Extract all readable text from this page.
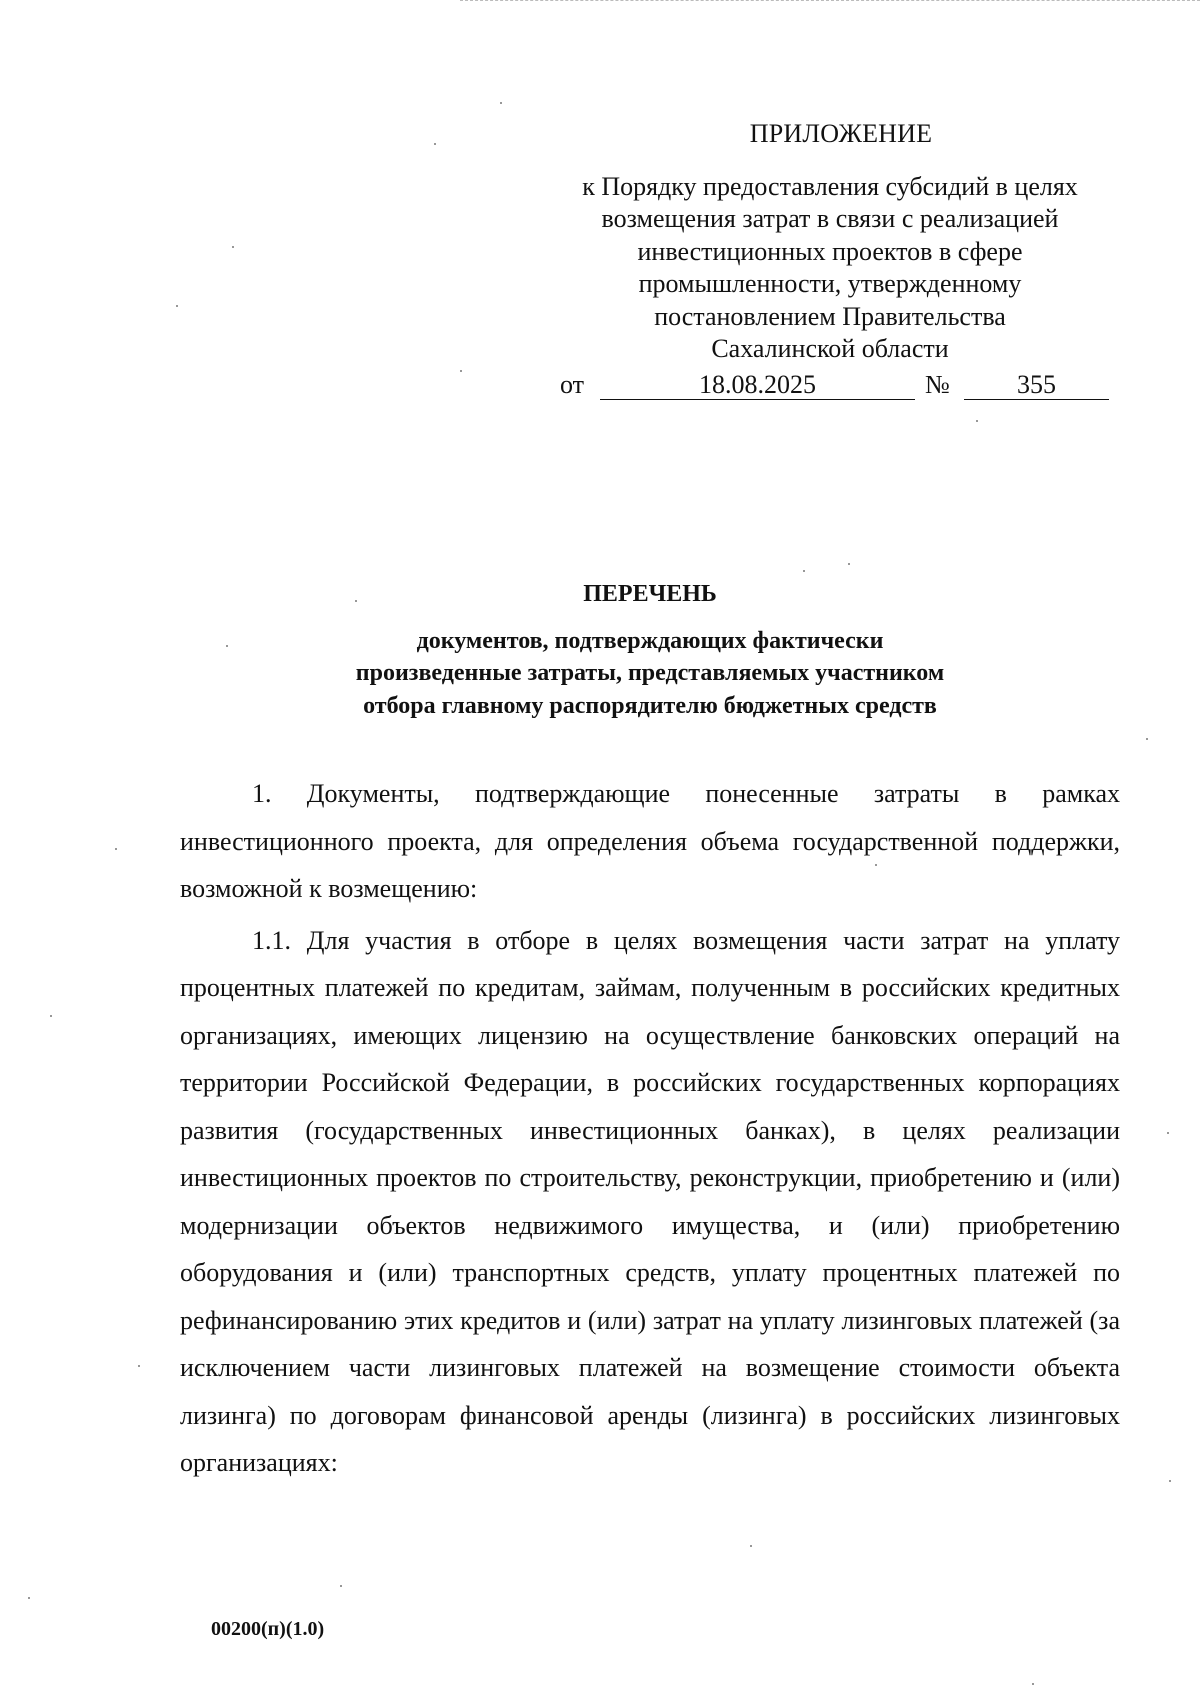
ПРИЛОЖЕНИЕ
к Порядку предоставления субсидий в целях
возмещения затрат в связи с реализацией
инвестиционных проектов в сфере
промышленности, утвержденному
постановлением Правительства
Сахалинской области
от	18.08.2025	№	355
ПЕРЕЧЕНЬ
документов, подтверждающих фактически
произведенные затраты, представляемых участником
отбора главному распорядителю бюджетных средств

1. Документы, подтверждающие понесенные затраты в рамках инвестиционного проекта, для определения объема государственной поддержки, возможной к возмещению:

1.1. Для участия в отборе в целях возмещения части затрат на уплату процентных платежей по кредитам, займам, полученным в российских кредитных организациях, имеющих лицензию на осуществление банковских операций на территории Российской Федерации, в российских государственных корпорациях развития (государственных инвестиционных банках), в целях реализации инвестиционных проектов по строительству, реконструкции, приобретению и (или) модернизации объектов недвижимого имущества, и (или) приобретению оборудования и (или) транспортных средств, уплату процентных платежей по рефинансированию этих кредитов и (или) затрат на уплату лизинговых платежей (за исключением части лизинговых платежей на возмещение стоимости объекта лизинга) по договорам финансовой аренды (лизинга) в российских лизинговых организациях:

00200(п)(1.0)
